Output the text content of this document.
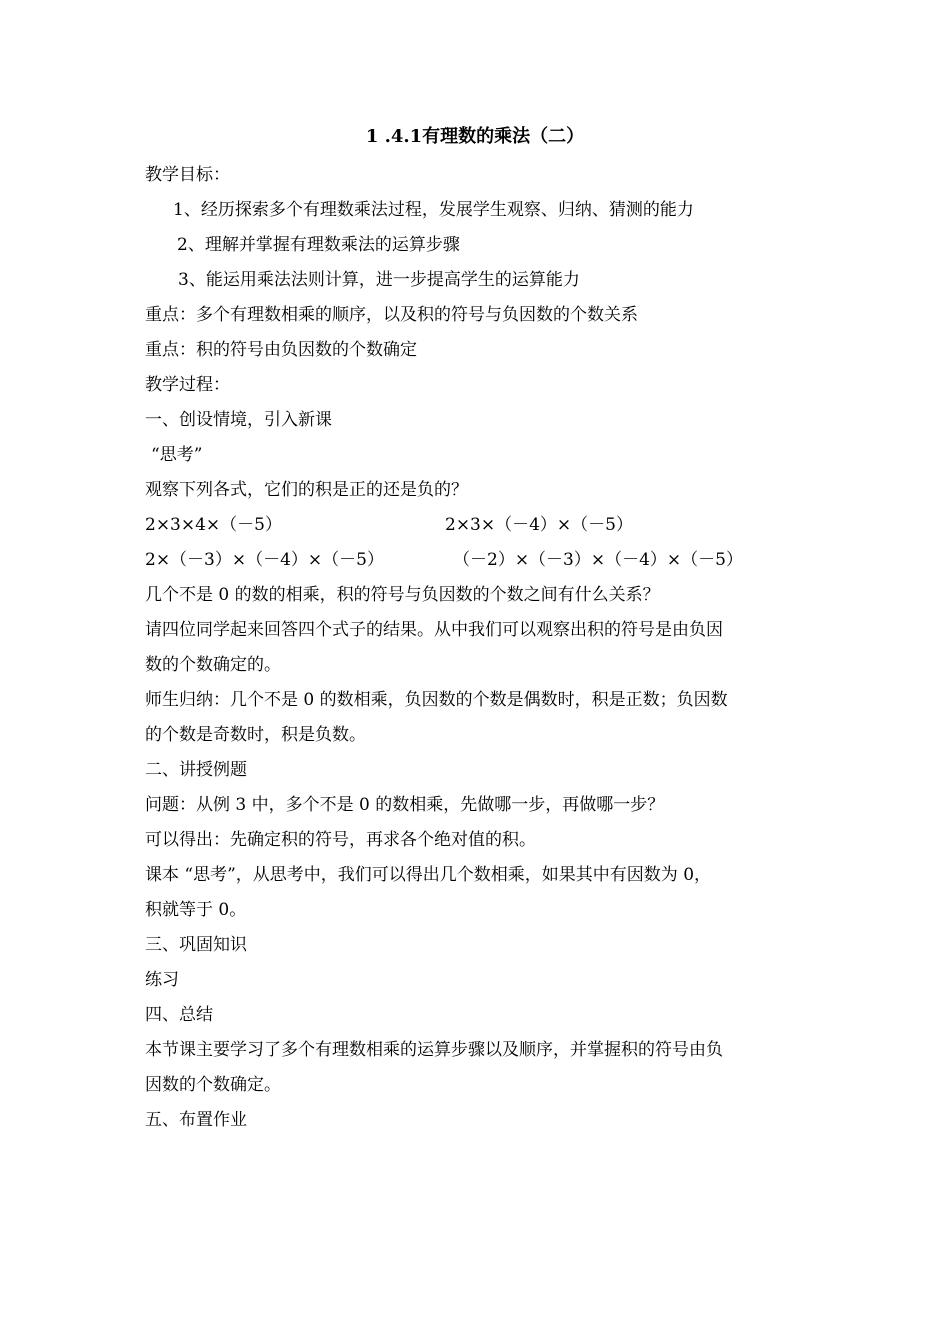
1 .4.1有理数的乘法（二）
教学目标：
1、经历探索多个有理数乘法过程，发展学生观察、归纳、猜测的能力
2、理解并掌握有理数乘法的运算步骤
3、能运用乘法法则计算，进一步提高学生的运算能力
重点：多个有理数相乘的顺序，以及积的符号与负因数的个数关系
重点：积的符号由负因数的个数确定
教学过程：
一、创设情境，引入新课
“思考”
观察下列各式，它们的积是正的还是负的？
2×3×4×（－5）	2×3×（－4）×（－5）
2×（－3）×（－4）×（－5）	（－2）×（－3）×（－4）×（－5）
几个不是 0 的数的相乘，积的符号与负因数的个数之间有什么关系？
请四位同学起来回答四个式子的结果。从中我们可以观察出积的符号是由负因
数的个数确定的。
师生归纳：几个不是 0 的数相乘，负因数的个数是偶数时，积是正数；负因数
的个数是奇数时，积是负数。
二、讲授例题
问题：从例 3 中，多个不是 0 的数相乘，先做哪一步，再做哪一步？
可以得出：先确定积的符号，再求各个绝对值的积。
课本 “思考”，从思考中，我们可以得出几个数相乘，如果其中有因数为 0，
积就等于 0。
三、巩固知识
练习
四、总结
本节课主要学习了多个有理数相乘的运算步骤以及顺序，并掌握积的符号由负
因数的个数确定。
五、布置作业
